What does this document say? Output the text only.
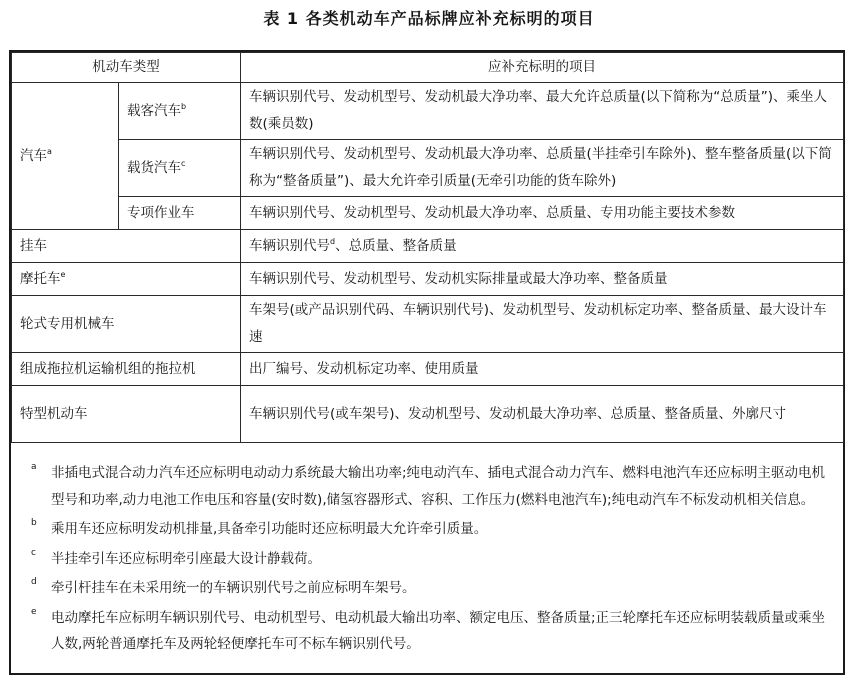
表 1 各类机动车产品标牌应补充标明的项目
机动车类型		应补充标明的项目
汽车$^a$	载客汽车$^b$	车辆识别代号、发动机型号、发动机最大净功率、最大允许总质量(以下简称为“总质量”)、乘坐人数(乘员数)

	载货汽车$^c$	车辆识别代号、发动机型号、发动机最大净功率、总质量(半挂牵引车除外)、整车整备质量(以下简称为“整备质量”)、最大允许牵引质量(无牵引功能的货车除外)

	专项作业车	车辆识别代号、发动机型号、发动机最大净功率、总质量、专用功能主要技术参数
挂车		车辆识别代号$^d$、总质量、整备质量
摩托车$^e$		车辆识别代号、发动机型号、发动机实际排量或最大净功率、整备质量
轮式专用机械车		车架号(或产品识别代码、车辆识别代号)、发动机型号、发动机标定功率、整备质量、最大设计车速

组成拖拉机运输机组的拖拉机		出厂编号、发动机标定功率、使用质量
特型机动车		车辆识别代号(或车架号)、发动机型号、发动机最大净功率、总质量、整备质量、外廓尺寸
a 非插电式混合动力汽车还应标明电动动力系统最大输出功率;纯电动汽车、插电式混合动力汽车、燃料电池汽车还应标明主驱动电机型号和功率,动力电池工作电压和容量(安时数),储氢容器形式、容积、工作压力(燃料电池汽车);纯电动汽车不标发动机相关信息。
b 乘用车还应标明发动机排量,具备牵引功能时还应标明最大允许牵引质量。
c 半挂牵引车还应标明牵引座最大设计静载荷。
d 牵引杆挂车在未采用统一的车辆识别代号之前应标明车架号。
e 电动摩托车应标明车辆识别代号、电动机型号、电动机最大输出功率、额定电压、整备质量;正三轮摩托车还应标明装载质量或乘坐人数,两轮普通摩托车及两轮轻便摩托车可不标车辆识别代号。
